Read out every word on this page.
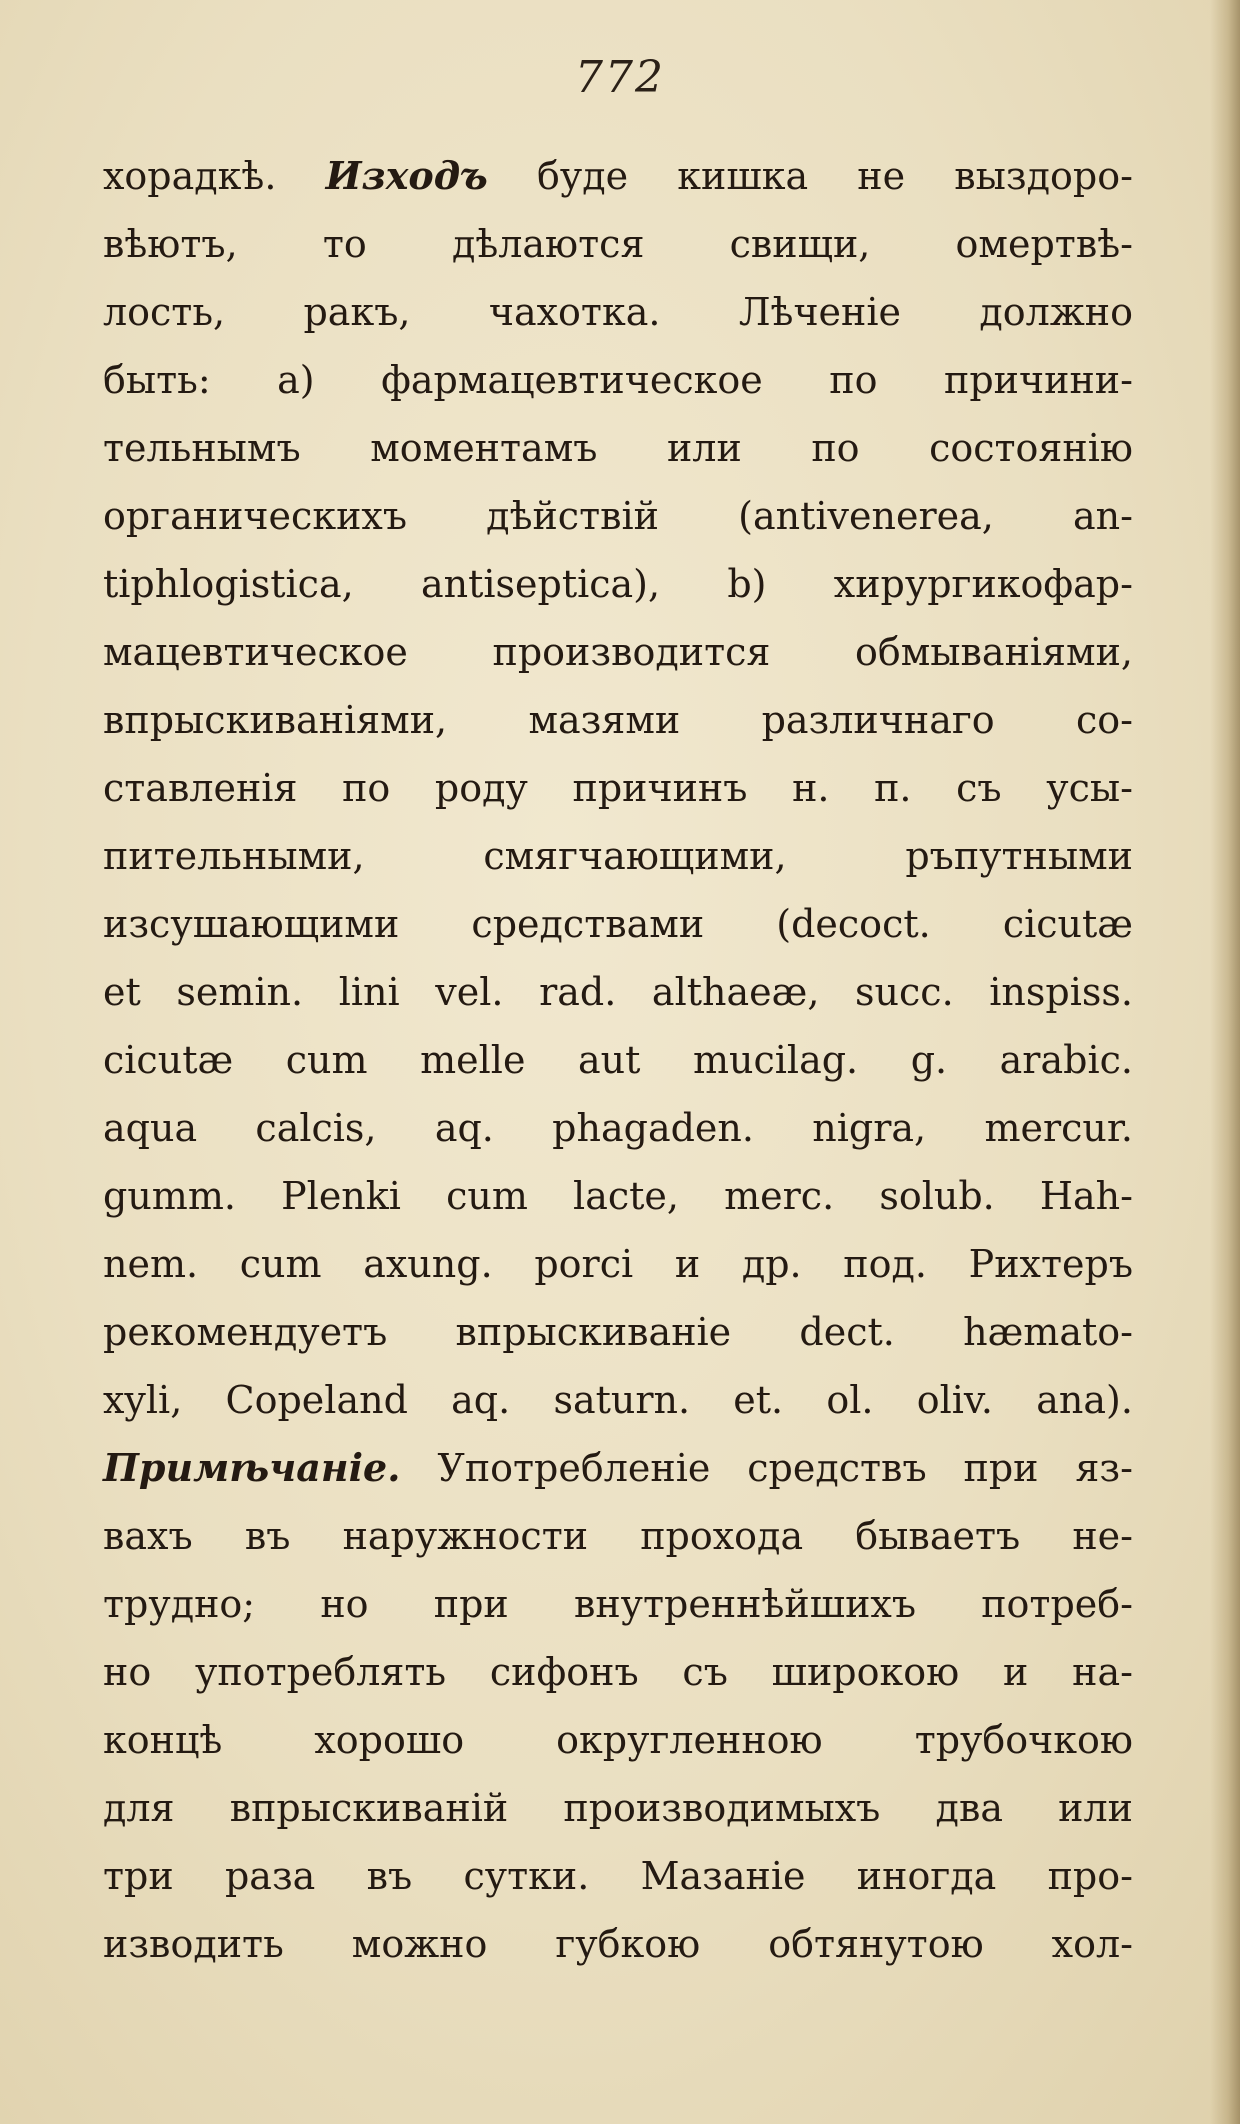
772
хорадкѣ. Изходъ буде кишка не выздоро-
вѣютъ, то дѣлаются свищи, омертвѣ-
лость, ракъ, чахотка. Лѣченіе должно
быть: а) фармацевтическое по причини-
тельнымъ моментамъ или по состоянію
органическихъ дѣйствій (antivenerea, an-
tiphlogistica, antiseptica), b) хирургикофар-
мацевтическое производится обмываніями,
впрыскиваніями, мазями различнаго со-
ставленія по роду причинъ н. п. съ усы-
пительными,	смягчающими,	ръпутными
изсушающими средствами (decoct. cicutæ
et semin. lini vel. rad. althaeæ, succ. inspiss.
cicutæ cum melle aut mucilag. g. arabic.
aqua calcis, aq. phagaden. nigra, mercur.
gumm. Plenki cum lacte, merc. solub. Hah-
nem. cum axung. porci и др. под. Рихтеръ
рекомендуетъ впрыскиваніе dect. hæmato-
xyli, Copeland aq. saturn. et. ol. oliv. ana).
Примѣчаніе. Употребленіе средствъ при яз-
вахъ въ наружности прохода бываетъ не-
трудно; но при внутреннѣйшихъ потреб-
но употреблять сифонъ съ широкою и на-
концѣ хорошо округленною трубочкою
для впрыскиваній производимыхъ два или
три раза въ сутки. Мазаніе иногда про-
изводить можно губкою обтянутою хол-
